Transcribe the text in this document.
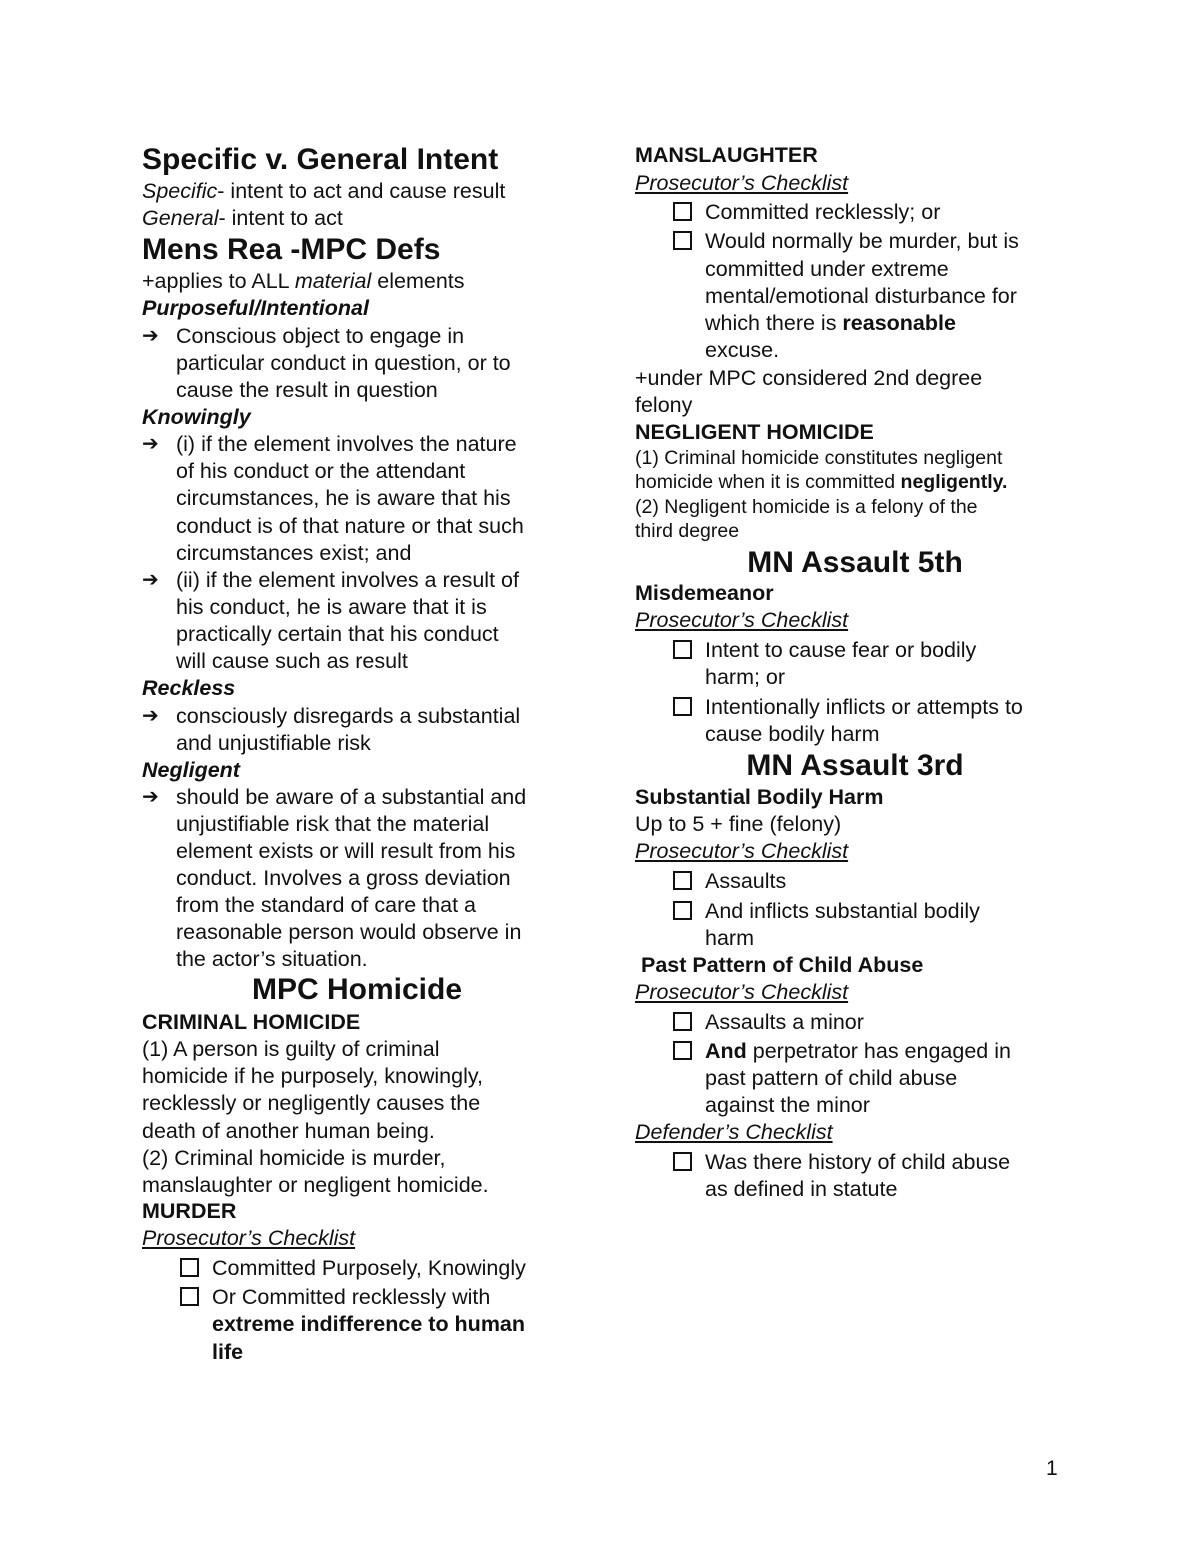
Specific v. General Intent
Specific- intent to act and cause result
General- intent to act
Mens Rea -MPC Defs
+applies to ALL material elements
Purposeful/Intentional
➔ Conscious object to engage in
particular conduct in question, or to
cause the result in question
Knowingly
➔ (i) if the element involves the nature
of his conduct or the attendant
circumstances, he is aware that his
conduct is of that nature or that such
circumstances exist; and
➔ (ii) if the element involves a result of
his conduct, he is aware that it is
practically certain that his conduct
will cause such as result
Reckless
➔ consciously disregards a substantial
and unjustifiable risk
Negligent
➔ should be aware of a substantial and
unjustifiable risk that the material
element exists or will result from his
conduct. Involves a gross deviation
from the standard of care that a
reasonable person would observe in
the actor’s situation.
MPC Homicide
CRIMINAL HOMICIDE
(1) A person is guilty of criminal
homicide if he purposely, knowingly,
recklessly or negligently causes the
death of another human being.
(2) Criminal homicide is murder,
manslaughter or negligent homicide.
MURDER
Prosecutor’s Checklist
Committed Purposely, Knowingly
Or Committed recklessly with
extreme indifference to human
life
MANSLAUGHTER
Prosecutor’s Checklist
Committed recklessly; or
Would normally be murder, but is
committed under extreme
mental/emotional disturbance for
which there is reasonable
excuse.
+under MPC considered 2nd degree
felony
NEGLIGENT HOMICIDE
(1) Criminal homicide constitutes negligent
homicide when it is committed negligently.
(2) Negligent homicide is a felony of the
third degree
MN Assault 5th
Misdemeanor
Prosecutor’s Checklist
Intent to cause fear or bodily
harm; or
Intentionally inflicts or attempts to
cause bodily harm
MN Assault 3rd
Substantial Bodily Harm
Up to 5 + fine (felony)
Prosecutor’s Checklist
Assaults
And inflicts substantial bodily
harm
Past Pattern of Child Abuse
Prosecutor’s Checklist
Assaults a minor
And perpetrator has engaged in
past pattern of child abuse
against the minor
Defender’s Checklist
Was there history of child abuse
as defined in statute
1
